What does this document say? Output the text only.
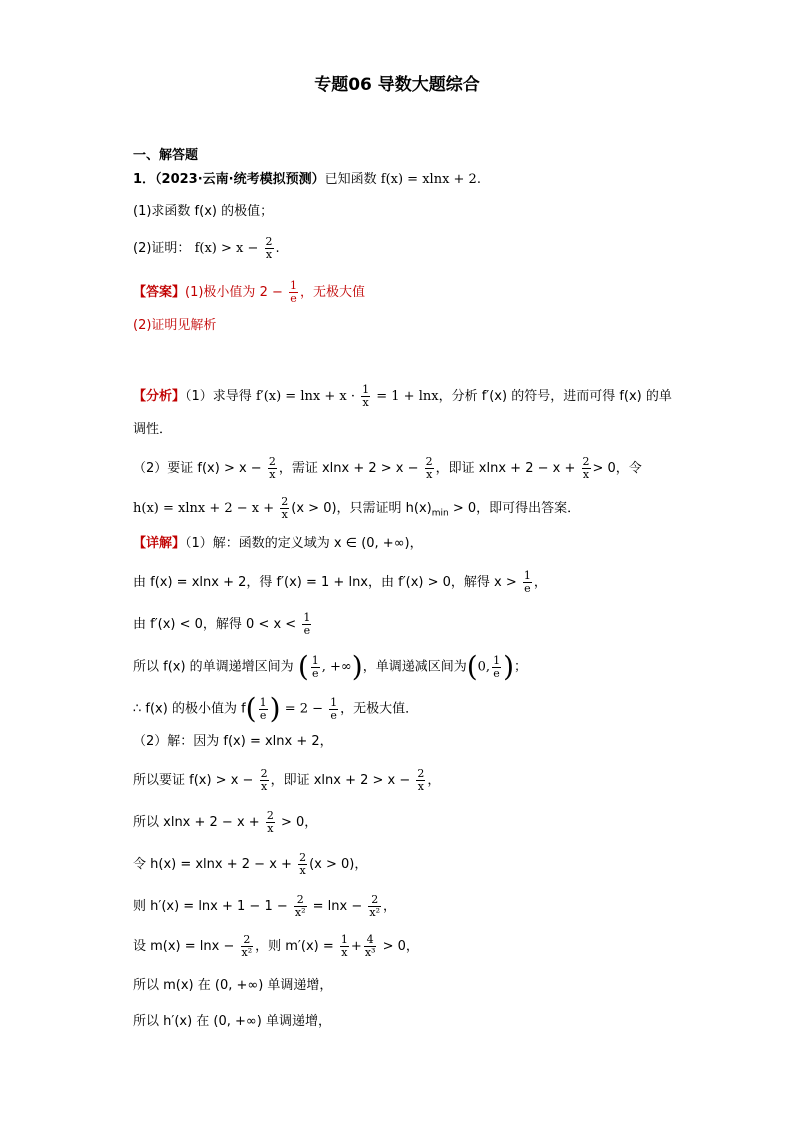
专题06 导数大题综合
一、解答题
1．（2023·云南·统考模拟预测）已知函数 f(x) = xlnx + 2.
(1)求函数 f(x) 的极值；
(2)证明： $f(x) > x - \frac{2}{x}$ .
【答案】(1)极小值为 $2 - \frac{1}{e}$ ，无极大值
(2)证明见解析
【分析】（1）求导得 $f'(x) = \ln x + x \cdot \frac{1}{x} = 1 + \ln x$，分析 f′(x) 的符号，进而可得 f(x) 的单
调性．
（2）要证 $f(x) > x - \frac{2}{x}$ ，需证 $xlnx + 2 > x - \frac{2}{x}$ ，即证 $xlnx + 2 - x + \frac{2}{x} > 0$，令
$h(x) = xlnx + 2 - x + \frac{2}{x} (x > 0)$，只需证明 $h(x)_{min} > 0$，即可得出答案．
【详解】（1）解：函数的定义域为 x ∈ (0, +∞)，
由 f(x) = xlnx + 2，得 f′(x) = 1 + lnx，由 f′(x) > 0，解得 $x > \frac{1}{e}$ ，
由 f′(x) < 0，解得 $0 < x < \frac{1}{e}$
所以 f(x) 的单调递增区间为 ( $\frac{1}{e}$ , +∞)，单调递减区间为(0, $\frac{1}{e}$ )；
∴ f(x) 的极小值为 $f( \frac{1}{e}$ ) = $2 - \frac{1}{e}$ ，无极大值．
（2）解：因为 f(x) = xlnx + 2，
所以要证 $f(x) > x - \frac{2}{x}$ ，即证 $xlnx + 2 > x - \frac{2}{x}$ ，
所以 $xlnx + 2 - x + \frac{2}{x} > 0$，
令 $h(x) = xlnx + 2 - x + \frac{2}{x} (x > 0)$，
则 $h'(x) = \ln x + 1 - 1 - \frac{2}{\text{x²}} = \ln x - \frac{2}{\text{x²}}$ ，
设 $m(x) = \ln x - \frac{2}{\text{x²}}$ ，则 $m'(x) = \frac{1}{x} + \frac{4}{\text{x³}} > 0$，
所以 m(x) 在 (0, +∞) 单调递增，
所以 h′(x) 在 (0, +∞) 单调递增，
